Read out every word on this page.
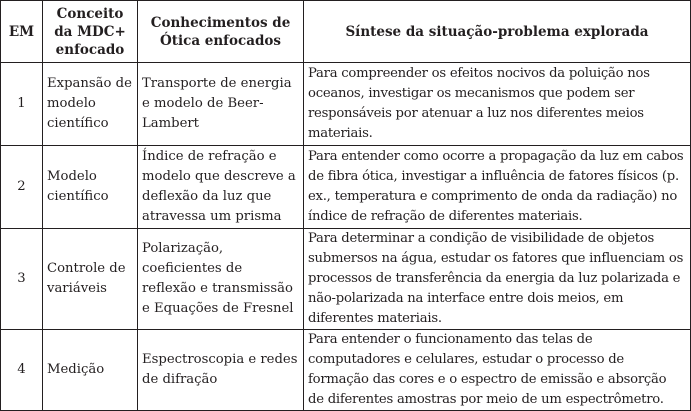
EM	Conceito da MDC+ enfocado	Conhecimentos de Ótica enfocados	Síntese da situação-problema explorada
1	Expansão de modelo científico	Transporte de energia e modelo de Beer-Lambert	Para compreender os efeitos nocivos da poluição nos oceanos, investigar os mecanismos que podem ser responsáveis por atenuar a luz nos diferentes meios materiais.
2	Modelo científico	Índice de refração e modelo que descreve a deflexão da luz que atravessa um prisma	Para entender como ocorre a propagação da luz em cabos de fibra ótica, investigar a influência de fatores físicos (p. ex., temperatura e comprimento de onda da radiação) no índice de refração de diferentes materiais.
3	Controle de variáveis	Polarização, coeficientes de reflexão e transmissão e Equações de Fresnel	Para determinar a condição de visibilidade de objetos submersos na água, estudar os fatores que influenciam os processos de transferência da energia da luz polarizada e não-polarizada na interface entre dois meios, em diferentes materiais.
4	Medição	Espectroscopia e redes de difração	Para entender o funcionamento das telas de computadores e celulares, estudar o processo de formação das cores e o espectro de emissão e absorção de diferentes amostras por meio de um espectrômetro.
